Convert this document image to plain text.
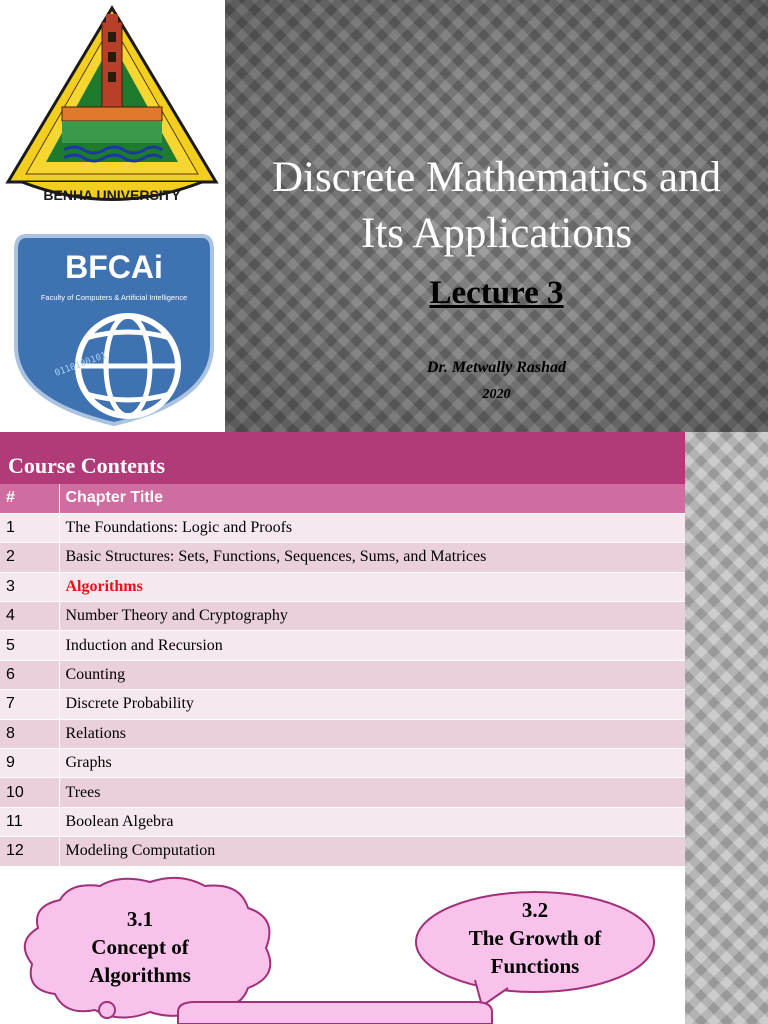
BENHA UNIVERSITY
BFCAi
Faculty of Computers & Artificial Intelligence
0110100101
Discrete Mathematics and
Its Applications
Lecture 3
Dr. Metwally Rashad
2020
Course Contents
#	Chapter Title
1	The Foundations: Logic and Proofs
2	Basic Structures: Sets, Functions, Sequences, Sums, and Matrices
3	Algorithms
4	Number Theory and Cryptography
5	Induction and Recursion
6	Counting
7	Discrete Probability
8	Relations
9	Graphs
10	Trees
11	Boolean Algebra
12	Modeling Computation
3.1
Concept of
Algorithms
3.2
The Growth of
Functions
